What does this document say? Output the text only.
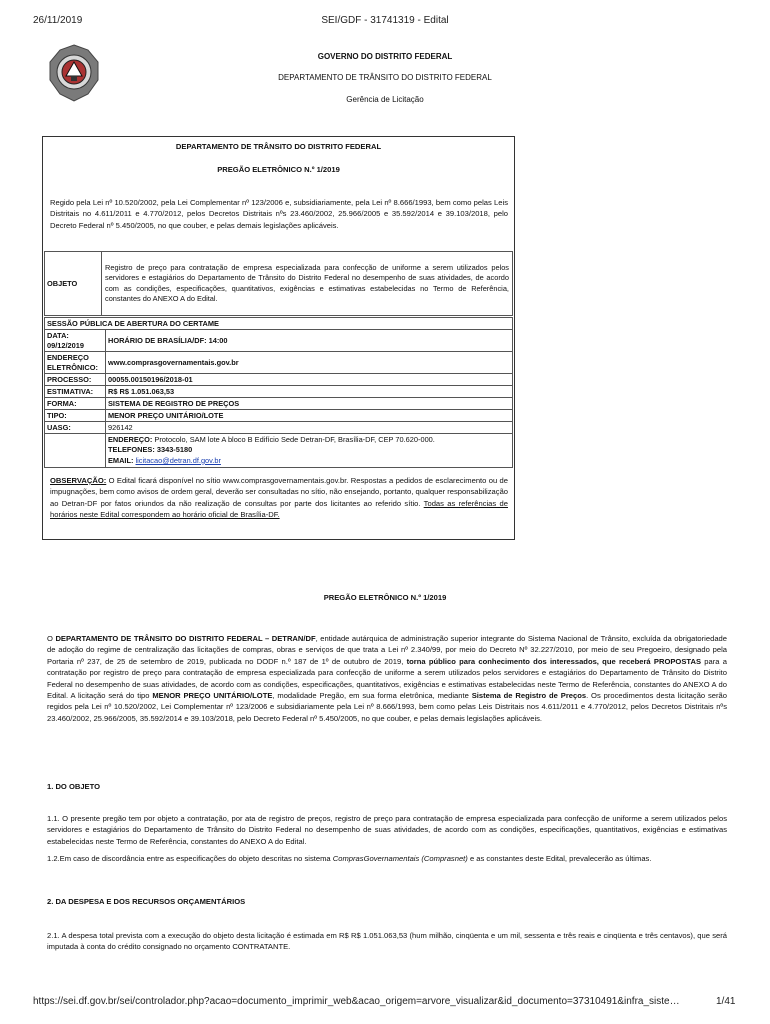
26/11/2019	SEI/GDF - 31741319 - Edital
GOVERNO DO DISTRITO FEDERAL
DEPARTAMENTO DE TRÂNSITO DO DISTRITO FEDERAL
Gerência de Licitação
DEPARTAMENTO DE TRÂNSITO DO DISTRITO FEDERAL
PREGÃO ELETRÔNICO N.º 1/2019
Regido pela Lei nº 10.520/2002, pela Lei Complementar nº 123/2006 e, subsidiariamente, pela Lei nº 8.666/1993, bem como pelas Leis Distritais no 4.611/2011 e 4.770/2012, pelos Decretos Distritais nºs 23.460/2002, 25.966/2005 e 35.592/2014 e 39.103/2018, pelo Decreto Federal nº 5.450/2005, no que couber, e pelas demais legislações aplicáveis.
OBJETO	Registro de preço para contratação de empresa especializada para confecção de uniforme a serem utilizados pelos servidores e estagiários do Departamento de Trânsito do Distrito Federal no desempenho de suas atividades, de acordo com as condições, especificações, quantitativos, exigências e estimativas estabelecidas no Termo de Referência, constantes do ANEXO A do Edital.
SESSÃO PÚBLICA DE ABERTURA DO CERTAME	
DATA: 09/12/2019	HORÁRIO DE BRASÍLIA/DF: 14:00
ENDEREÇO ELETRÔNICO:	www.comprasgovernamentais.gov.br
PROCESSO:	00055.00150196/2018-01
ESTIMATIVA:	R$ R$ 1.051.063,53
FORMA:	SISTEMA DE REGISTRO DE PREÇOS
TIPO:	MENOR PREÇO UNITÁRIO/LOTE
UASG:	926142

	ENDEREÇO: Protocolo, SAM lote A bloco B Edifício Sede Detran-DF, Brasília-DF, CEP 70.620-000.
TELEFONES: 3343-5180
EMAIL: licitacao@detran.df.gov.br
OBSERVAÇÃO: O Edital ficará disponível no sítio www.comprasgovernamentais.gov.br. Respostas a pedidos de esclarecimento ou de impugnações, bem como avisos de ordem geral, deverão ser consultadas no sítio, não ensejando, portanto, qualquer responsabilização ao Detran-DF por fatos oriundos da não realização de consultas por parte dos licitantes ao referido sítio. Todas as referências de horários neste Edital correspondem ao horário oficial de Brasília-DF.
PREGÃO ELETRÔNICO N.º 1/2019
O DEPARTAMENTO DE TRÂNSITO DO DISTRITO FEDERAL – DETRAN/DF, entidade autárquica de administração superior integrante do Sistema Nacional de Trânsito, excluída da obrigatoriedade de adoção do regime de centralização das licitações de compras, obras e serviços de que trata a Lei nº 2.340/99, por meio do Decreto Nº 32.227/2010, por meio de seu Pregoeiro, designado pela Portaria nº 237, de 25 de setembro de 2019, publicada no DODF n.º 187 de 1º de outubro de 2019, torna público para conhecimento dos interessados, que receberá PROPOSTAS para a contratação por registro de preço para contratação de empresa especializada para confecção de uniforme a serem utilizados pelos servidores e estagiários do Departamento de Trânsito do Distrito Federal no desempenho de suas atividades, de acordo com as condições, especificações, quantitativos, exigências e estimativas estabelecidas neste Termo de Referência, constantes do ANEXO A do Edital. A licitação será do tipo MENOR PREÇO UNITÁRIO/LOTE, modalidade Pregão, em sua forma eletrônica, mediante Sistema de Registro de Preços. Os procedimentos desta licitação serão regidos pela Lei nº 10.520/2002, Lei Complementar nº 123/2006 e subsidiariamente pela Lei nº 8.666/1993, bem como pelas Leis Distritais nos 4.611/2011 e 4.770/2012, pelos Decretos Distritais nºs 23.460/2002, 25.966/2005, 35.592/2014 e 39.103/2018, pelo Decreto Federal nº 5.450/2005, no que couber, e pelas demais legislações aplicáveis.
1. DO OBJETO
1.1. O presente pregão tem por objeto a contratação, por ata de registro de preços, registro de preço para contratação de empresa especializada para confecção de uniforme a serem utilizados pelos servidores e estagiários do Departamento de Trânsito do Distrito Federal no desempenho de suas atividades, de acordo com as condições, especificações, quantitativos, exigências e estimativas estabelecidas neste Termo de Referência, constantes do ANEXO A do Edital.
1.2.Em caso de discordância entre as especificações do objeto descritas no sistema ComprasGovernamentais (Comprasnet) e as constantes deste Edital, prevalecerão as últimas.
2. DA DESPESA E DOS RECURSOS ORÇAMENTÁRIOS
2.1. A despesa total prevista com a execução do objeto desta licitação é estimada em R$ R$ 1.051.063,53 (hum milhão, cinqüenta e um mil, sessenta e três reais e cinqüenta e três centavos), que será imputada à conta do crédito consignado no orçamento CONTRATANTE.
https://sei.df.gov.br/sei/controlador.php?acao=documento_imprimir_web&acao_origem=arvore_visualizar&id_documento=37310491&infra_siste…	1/41
